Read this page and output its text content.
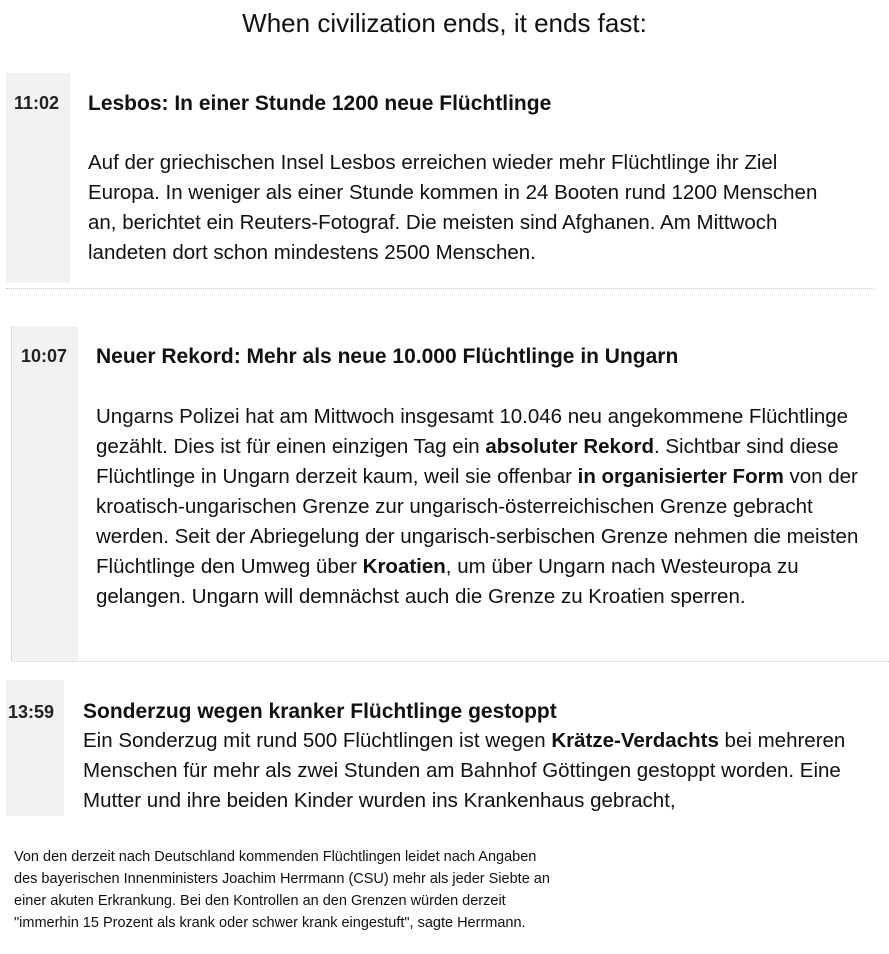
When civilization ends, it ends fast:
11:02 Lesbos: In einer Stunde 1200 neue Flüchtlinge
Auf der griechischen Insel Lesbos erreichen wieder mehr Flüchtlinge ihr Ziel Europa. In weniger als einer Stunde kommen in 24 Booten rund 1200 Menschen an, berichtet ein Reuters-Fotograf. Die meisten sind Afghanen. Am Mittwoch landeten dort schon mindestens 2500 Menschen.
10:07 Neuer Rekord: Mehr als neue 10.000 Flüchtlinge in Ungarn
Ungarns Polizei hat am Mittwoch insgesamt 10.046 neu angekommene Flüchtlinge gezählt. Dies ist für einen einzigen Tag ein absoluter Rekord. Sichtbar sind diese Flüchtlinge in Ungarn derzeit kaum, weil sie offenbar in organisierter Form von der kroatisch-ungarischen Grenze zur ungarisch-österreichischen Grenze gebracht werden. Seit der Abriegelung der ungarisch-serbischen Grenze nehmen die meisten Flüchtlinge den Umweg über Kroatien, um über Ungarn nach Westeuropa zu gelangen. Ungarn will demnächst auch die Grenze zu Kroatien sperren.
13:59 Sonderzug wegen kranker Flüchtlinge gestoppt
Ein Sonderzug mit rund 500 Flüchtlingen ist wegen Krätze-Verdachts bei mehreren Menschen für mehr als zwei Stunden am Bahnhof Göttingen gestoppt worden. Eine Mutter und ihre beiden Kinder wurden ins Krankenhaus gebracht,
Von den derzeit nach Deutschland kommenden Flüchtlingen leidet nach Angaben des bayerischen Innenministers Joachim Herrmann (CSU) mehr als jeder Siebte an einer akuten Erkrankung. Bei den Kontrollen an den Grenzen würden derzeit "immerhin 15 Prozent als krank oder schwer krank eingestuft", sagte Herrmann.
